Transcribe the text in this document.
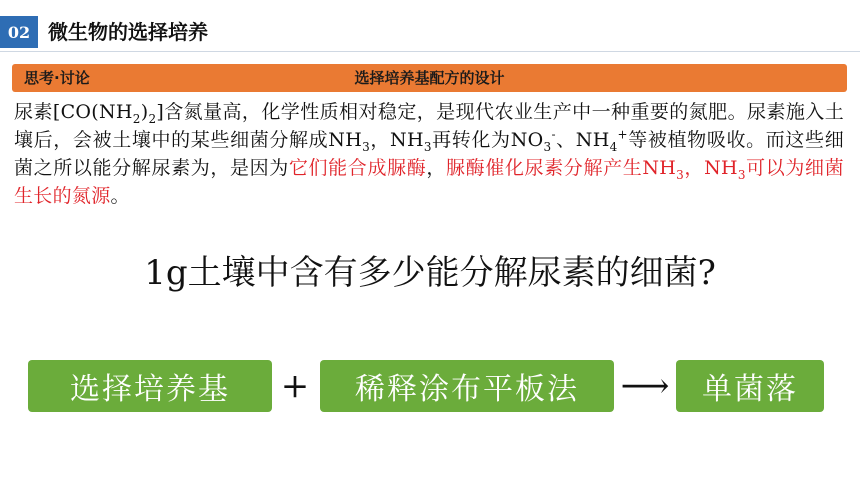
02 微生物的选择培养
选择培养基配方的设计
思考·讨论
尿素$[CO(NH_2)_2]$含氮量高，化学性质相对稳定，是现代农业生产中一种重要的氮肥。尿素施入土壤后，会被土壤中的某些细菌分解成$NH_3$，$NH_3$再转化为$NO_3^-$、$NH_4^+$等被植物吸收。而这些细菌之所以能分解尿素为，是因为它们能合成脲酶，脲酶催化尿素分解产生$NH_3$，$NH_3$可以为细菌生长的氮源。
1g土壤中含有多少能分解尿素的细菌?
选择培养基	+	稀释涂布平板法	⟶	单菌落
